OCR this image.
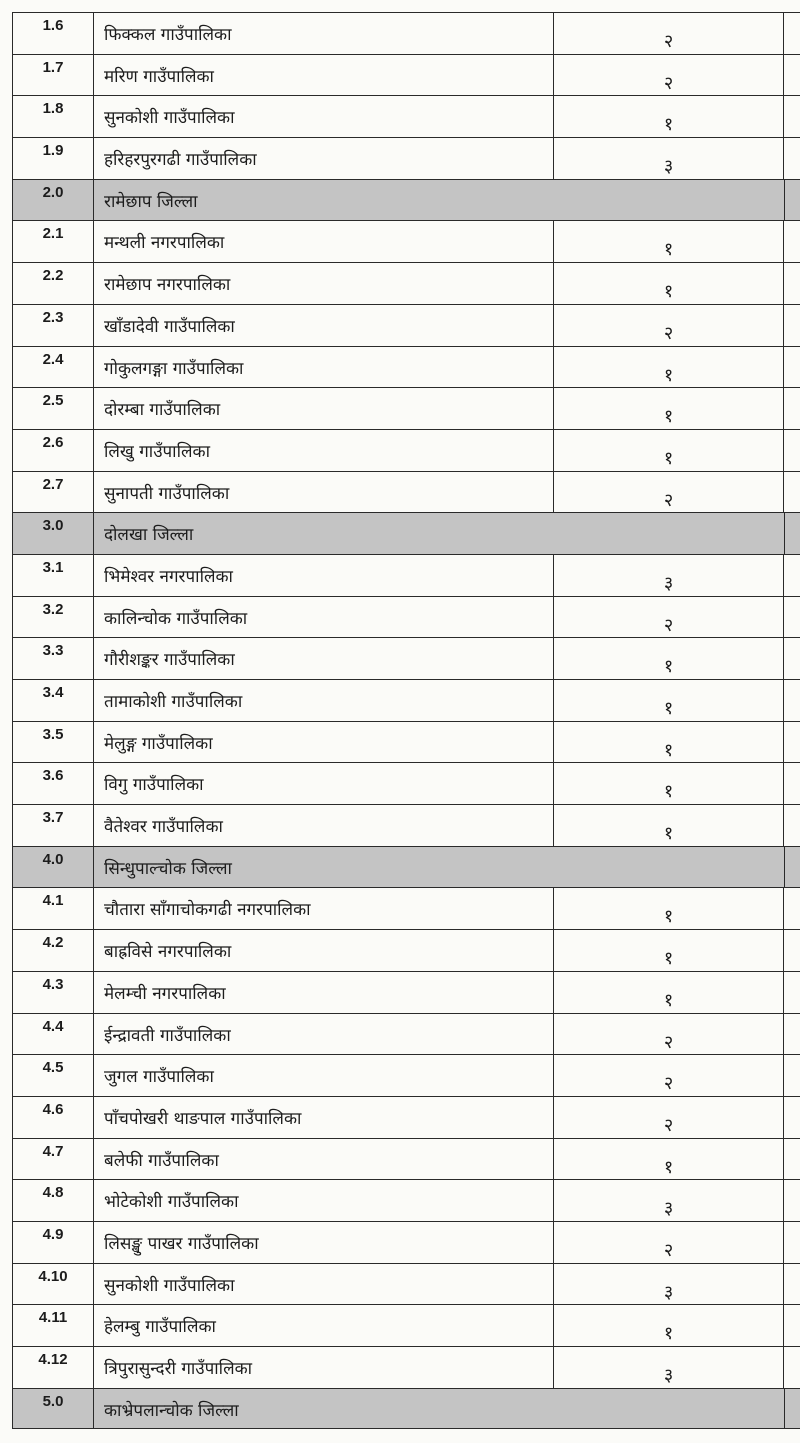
1.6	फिक्कल गाउँपालिका	२
1.7	मरिण गाउँपालिका	२
1.8	सुनकोशी गाउँपालिका	१
1.9	हरिहरपुरगढी गाउँपालिका	३
2.0	रामेछाप जिल्ला
2.1	मन्थली नगरपालिका	१
2.2	रामेछाप नगरपालिका	१
2.3	खाँडादेवी गाउँपालिका	२
2.4	गोकुलगङ्गा गाउँपालिका	१
2.5	दोरम्बा गाउँपालिका	१
2.6	लिखु गाउँपालिका	१
2.7	सुनापती गाउँपालिका	२
3.0	दोलखा जिल्ला
3.1	भिमेश्वर नगरपालिका	३
3.2	कालिन्चोक गाउँपालिका	२
3.3	गौरीशङ्कर गाउँपालिका	१
3.4	तामाकोशी गाउँपालिका	१
3.5	मेलुङ्ग गाउँपालिका	१
3.6	विगु गाउँपालिका	१
3.7	वैतेश्वर गाउँपालिका	१
4.0	सिन्धुपाल्चोक जिल्ला
4.1	चौतारा साँगाचोकगढी नगरपालिका	१
4.2	बाह्रविसे नगरपालिका	१
4.3	मेलम्ची नगरपालिका	१
4.4	ईन्द्रावती गाउँपालिका	२
4.5	जुगल गाउँपालिका	२
4.6	पाँचपोखरी थाङपाल गाउँपालिका	२
4.7	बलेफी गाउँपालिका	१
4.8	भोटेकोशी गाउँपालिका	३
4.9	लिसङ्खु पाखर गाउँपालिका	२
4.10	सुनकोशी गाउँपालिका	३
4.11	हेलम्बु गाउँपालिका	१
4.12	त्रिपुरासुन्दरी गाउँपालिका	३
5.0	काभ्रेपलान्चोक जिल्ला
